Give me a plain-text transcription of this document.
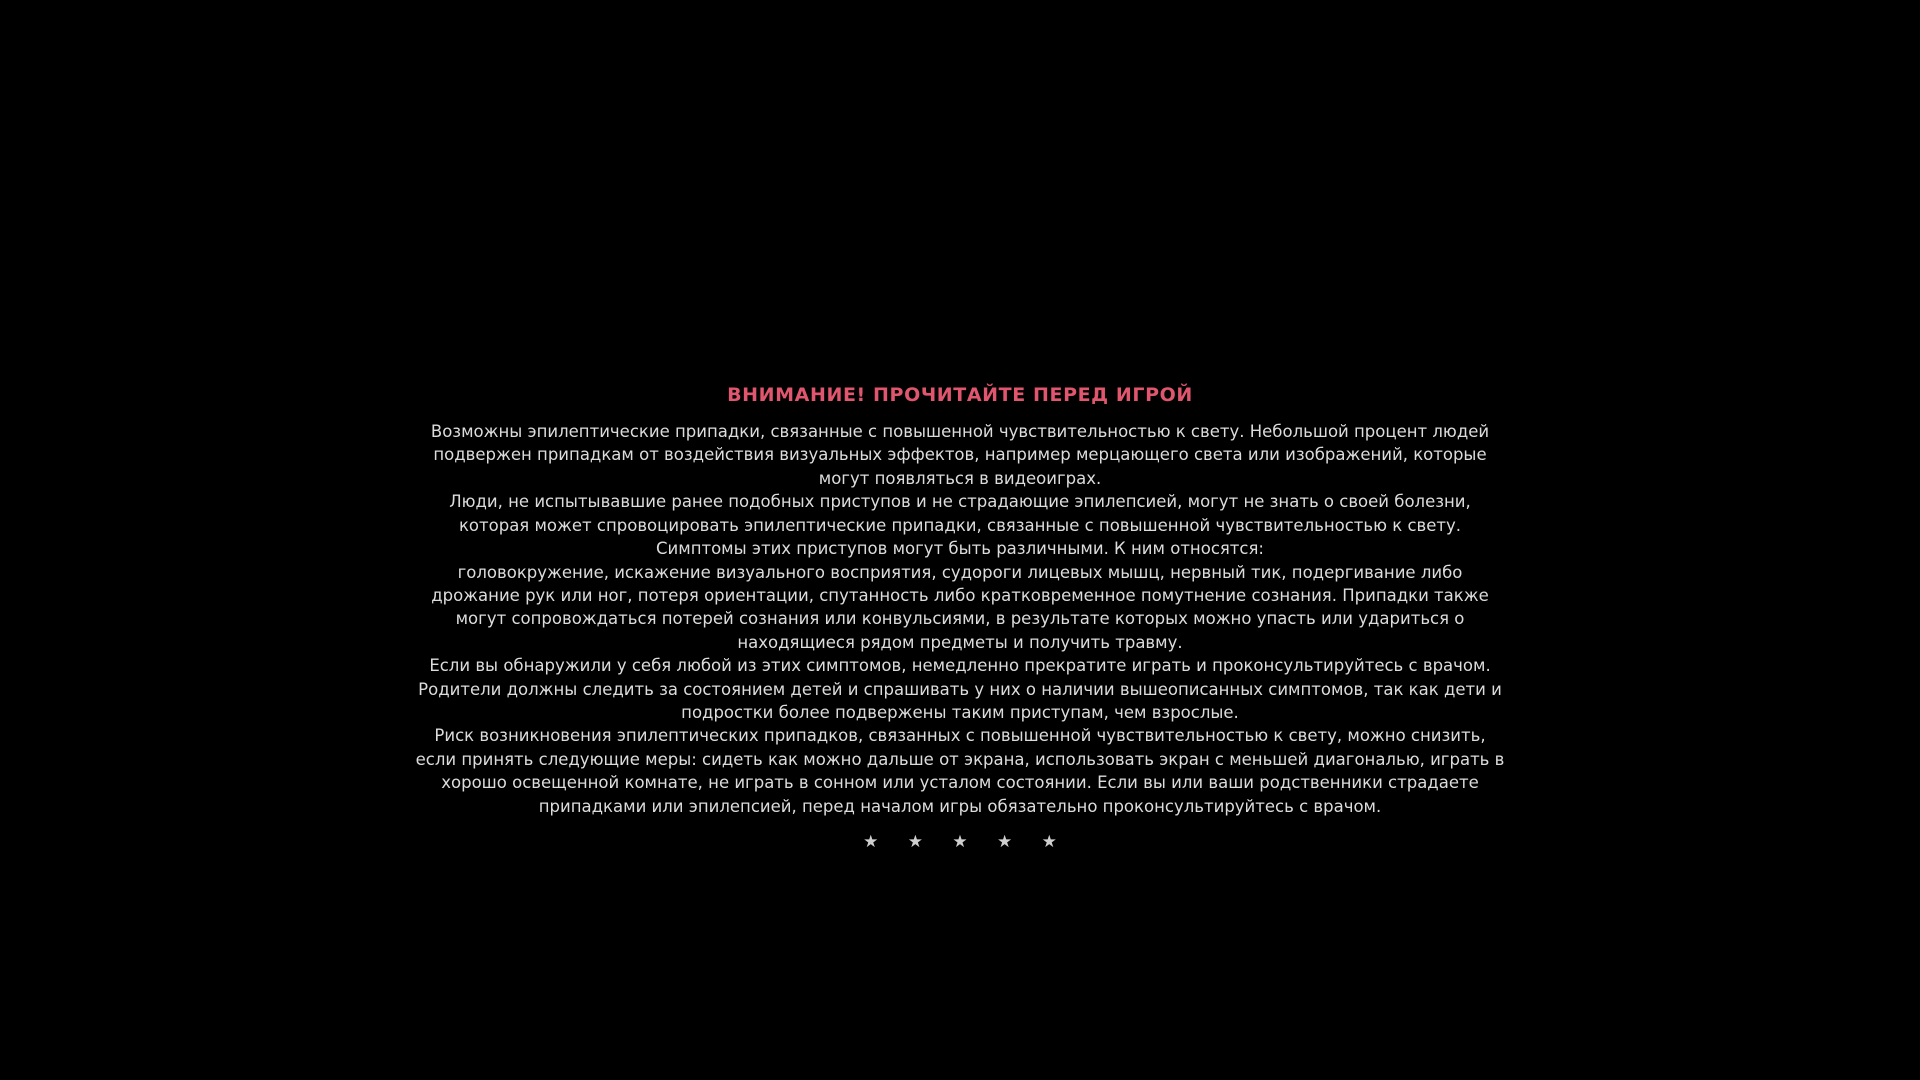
ВНИМАНИЕ! ПРОЧИТАЙТЕ ПЕРЕД ИГРОЙ

Возможны эпилептические припадки, связанные с повышенной чувствительностью к свету. Небольшой процент людей подвержен припадкам от воздействия визуальных эффектов, например мерцающего света или изображений, которые могут появляться в видеоиграх.

Люди, не испытывавшие ранее подобных приступов и не страдающие эпилепсией, могут не знать о своей болезни, которая может спровоцировать эпилептические припадки, связанные с повышенной чувствительностью к свету.

Симптомы этих приступов могут быть различными. К ним относятся:

головокружение, искажение визуального восприятия, судороги лицевых мышц, нервный тик, подергивание либо дрожание рук или ног, потеря ориентации, спутанность либо кратковременное помутнение сознания. Припадки также могут сопровождаться потерей сознания или конвульсиями, в результате которых можно упасть или удариться о находящиеся рядом предметы и получить травму.

Если вы обнаружили у себя любой из этих симптомов, немедленно прекратите играть и проконсультируйтесь с врачом. Родители должны следить за состоянием детей и спрашивать у них о наличии вышеописанных симптомов, так как дети и подростки более подвержены таким приступам, чем взрослые.

Риск возникновения эпилептических припадков, связанных с повышенной чувствительностью к свету, можно снизить, если принять следующие меры: сидеть как можно дальше от экрана, использовать экран с меньшей диагональю, играть в хорошо освещенной комнате, не играть в сонном или усталом состоянии. Если вы или ваши родственники страдаете припадками или эпилепсией, перед началом игры обязательно проконсультируйтесь с врачом.

★ ★ ★ ★ ★
